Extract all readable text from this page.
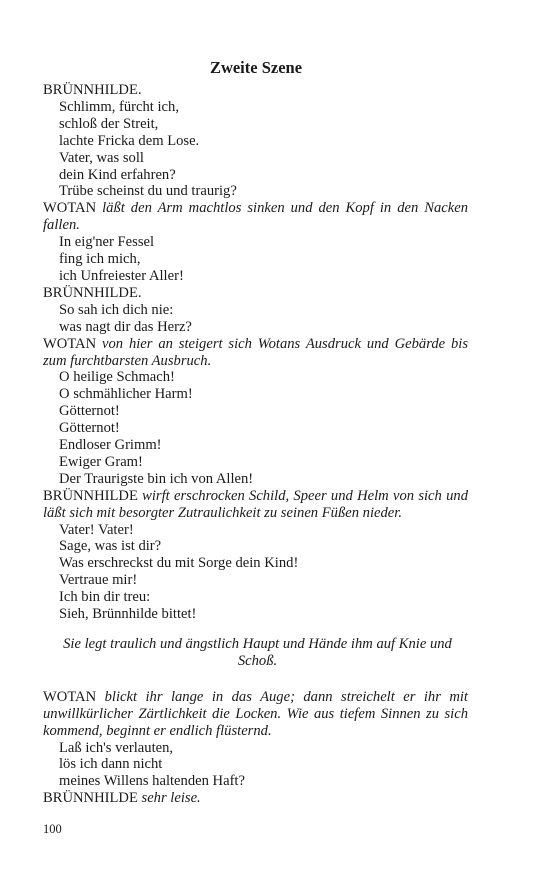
Zweite Szene
BRÜNNHILDE.
Schlimm, fürcht ich,
schloß der Streit,
lachte Fricka dem Lose.
Vater, was soll
dein Kind erfahren?
Trübe scheinst du und traurig?
WOTAN läßt den Arm machtlos sinken und den Kopf in den Nacken fallen.
In eig'ner Fessel
fing ich mich,
ich Unfreiester Aller!
BRÜNNHILDE.
So sah ich dich nie:
was nagt dir das Herz?
WOTAN von hier an steigert sich Wotans Ausdruck und Gebärde bis zum furchtbarsten Ausbruch.
O heilige Schmach!
O schmählicher Harm!
Götternot!
Götternot!
Endloser Grimm!
Ewiger Gram!
Der Traurigste bin ich von Allen!
BRÜNNHILDE wirft erschrocken Schild, Speer und Helm von sich und läßt sich mit besorgter Zutraulichkeit zu seinen Füßen nieder.
Vater! Vater!
Sage, was ist dir?
Was erschreckst du mit Sorge dein Kind!
Vertraue mir!
Ich bin dir treu:
Sieh, Brünnhilde bittet!
Sie legt traulich und ängstlich Haupt und Hände ihm auf Knie und Schoß.
WOTAN blickt ihr lange in das Auge; dann streichelt er ihr mit unwillkürlicher Zärtlichkeit die Locken. Wie aus tiefem Sinnen zu sich kommend, beginnt er endlich flüsternd.
Laß ich's verlauten,
lös ich dann nicht
meines Willens haltenden Haft?
BRÜNNHILDE sehr leise.
100
